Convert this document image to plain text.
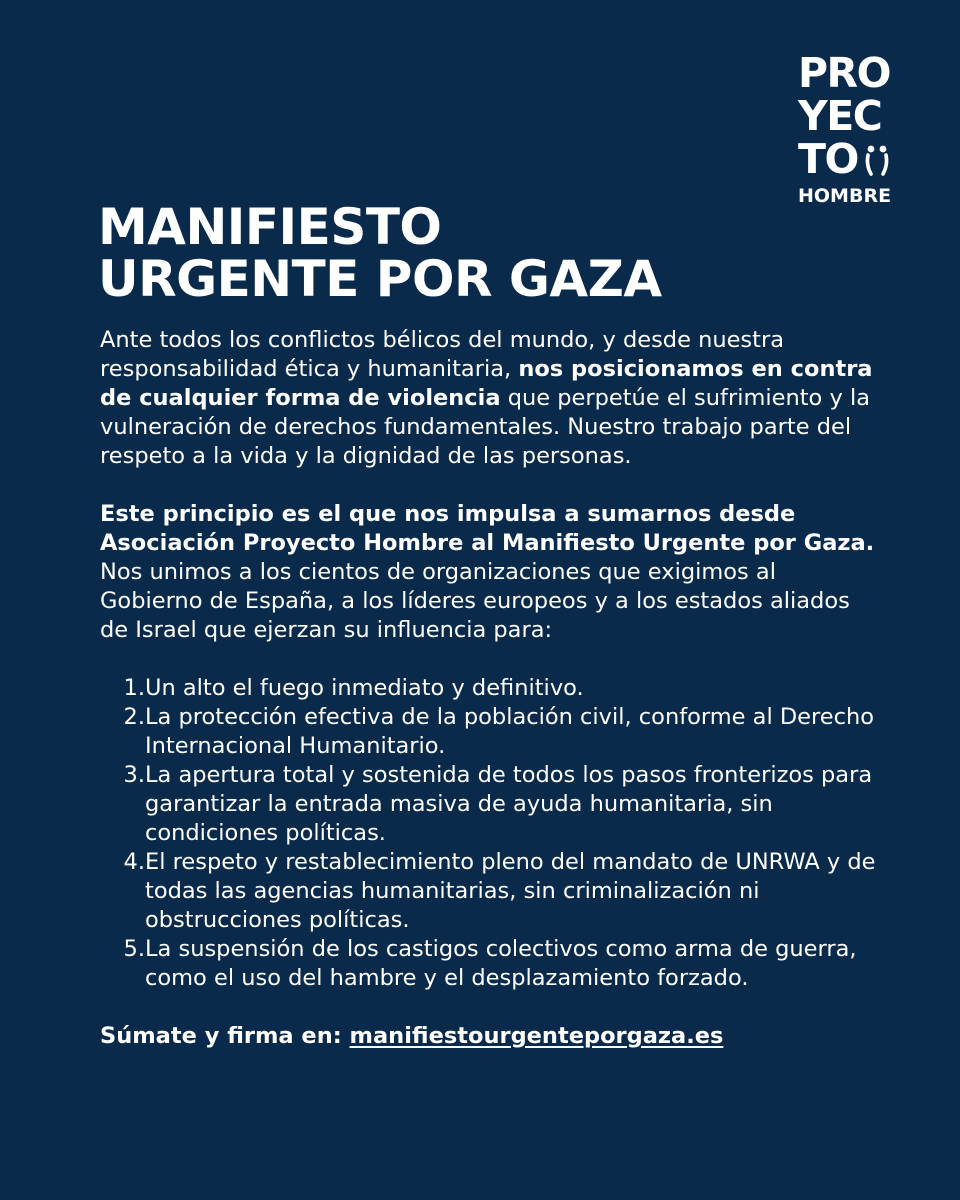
PRO
YEC
TO
HOMBRE
MANIFIESTO
URGENTE POR GAZA

Ante todos los conflictos bélicos del mundo, y desde nuestra responsabilidad ética y humanitaria, nos posicionamos en contra de cualquier forma de violencia que perpetúe el sufrimiento y la vulneración de derechos fundamentales. Nuestro trabajo parte del respeto a la vida y la dignidad de las personas.

Este principio es el que nos impulsa a sumarnos desde Asociación Proyecto Hombre al Manifiesto Urgente por Gaza. Nos unimos a los cientos de organizaciones que exigimos al Gobierno de España, a los líderes europeos y a los estados aliados de Israel que ejerzan su influencia para:

1. Un alto el fuego inmediato y definitivo.
2. La protección efectiva de la población civil, conforme al Derecho Internacional Humanitario.
3. La apertura total y sostenida de todos los pasos fronterizos para garantizar la entrada masiva de ayuda humanitaria, sin condiciones políticas.
4. El respeto y restablecimiento pleno del mandato de UNRWA y de todas las agencias humanitarias, sin criminalización ni obstrucciones políticas.
5. La suspensión de los castigos colectivos como arma de guerra, como el uso del hambre y el desplazamiento forzado.

Súmate y firma en: manifiestourgenteporgaza.es
